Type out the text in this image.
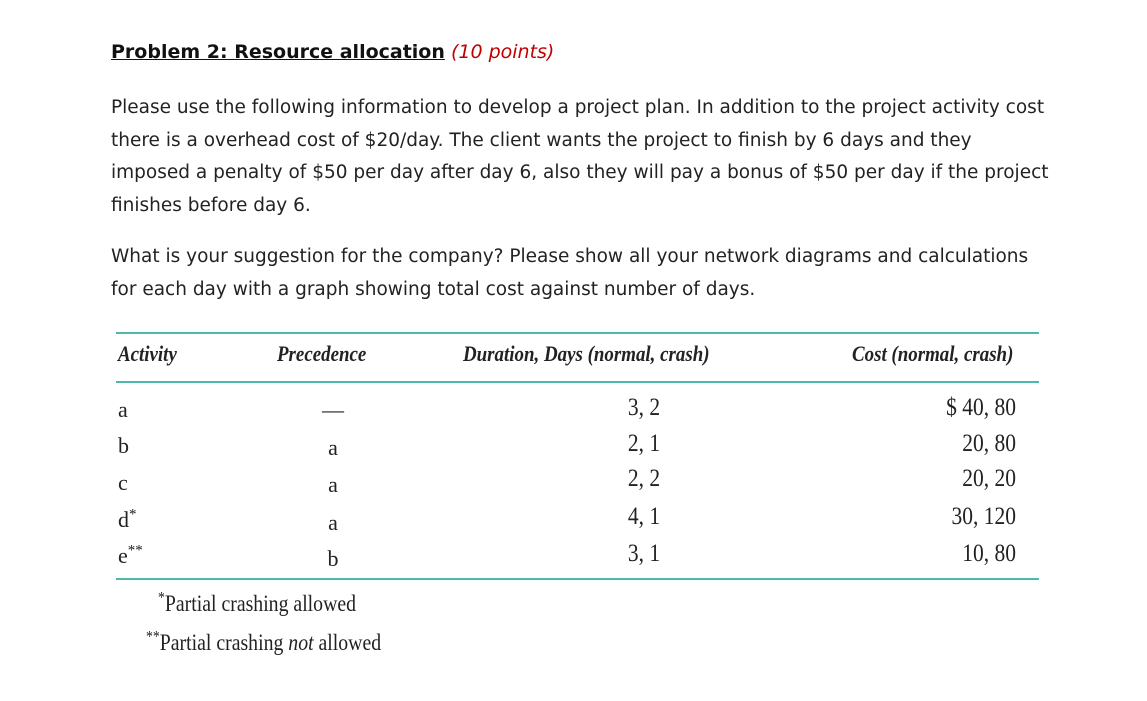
Problem 2: Resource allocation (10 points)
Please use the following information to develop a project plan. In addition to the project activity cost
there is a overhead cost of $20/day. The client wants the project to finish by 6 days and they
imposed a penalty of $50 per day after day 6, also they will pay a bonus of $50 per day if the project
finishes before day 6.
What is your suggestion for the company? Please show all your network diagrams and calculations
for each day with a graph showing total cost against number of days.
Activity	Precedence	Duration, Days (normal, crash)	Cost (normal, crash)
a	—	3, 2	$ 40, 80
b	a	2, 1	20, 80
c	a	2, 2	20, 20
d*	a	4, 1	30, 120
e**	b	3, 1	10, 80
*Partial crashing allowed
**Partial crashing not allowed
